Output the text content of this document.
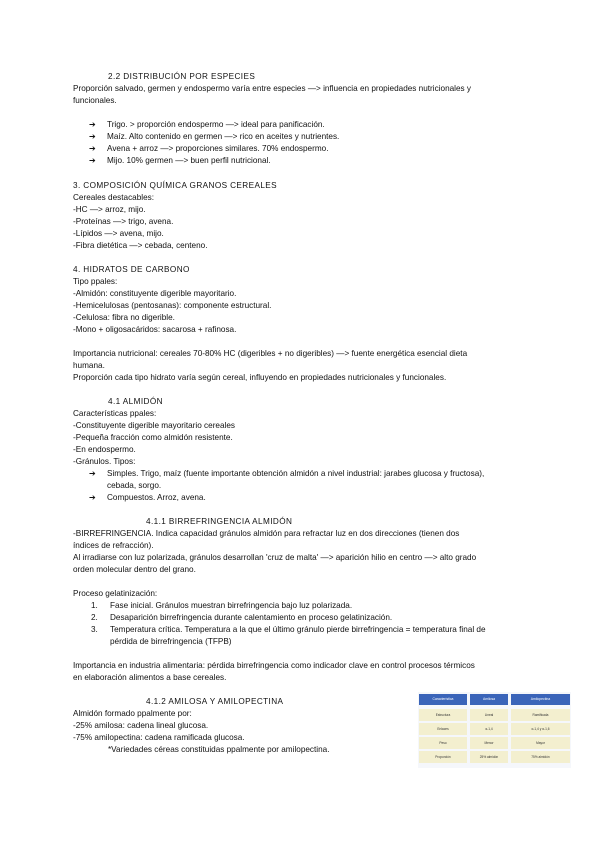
2.2 DISTRIBUCIÓN POR ESPECIES
Proporción salvado, germen y endospermo varía entre especies —> influencia en propiedades nutricionales y
funcionales.
➔ Trigo. > proporción endospermo —> ideal para panificación.
➔ Maíz. Alto contenido en germen —> rico en aceites y nutrientes.
➔ Avena + arroz —> proporciones similares. 70% endospermo.
➔ Mijo. 10% germen —> buen perfil nutricional.
3. COMPOSICIÓN QUÍMICA GRANOS CEREALES
Cereales destacables:
-HC —> arroz, mijo.
-Proteínas —> trigo, avena.
-Lípidos —> avena, mijo.
-Fibra dietética —> cebada, centeno.
4. HIDRATOS DE CARBONO
Tipo ppales:
-Almidón: constituyente digerible mayoritario.
-Hemicelulosas (pentosanas): componente estructural.
-Celulosa: fibra no digerible.
-Mono + oligosacáridos: sacarosa + rafinosa.
Importancia nutricional: cereales 70-80% HC (digeribles + no digeribles) —> fuente energética esencial dieta
humana.
Proporción cada tipo hidrato varía según cereal, influyendo en propiedades nutricionales y funcionales.
4.1 ALMIDÓN
Características ppales:
-Constituyente digerible mayoritario cereales
-Pequeña fracción como almidón resistente.
-En endospermo.
-Gránulos. Tipos:
➔ Simples. Trigo, maíz (fuente importante obtención almidón a nivel industrial: jarabes glucosa y fructosa),
cebada, sorgo.
➔ Compuestos. Arroz, avena.
4.1.1 BIRREFRINGENCIA ALMIDÓN
-BIRREFRINGENCIA. Indica capacidad gránulos almidón para refractar luz en dos direcciones (tienen dos
índices de refracción).
Al irradiarse con luz polarizada, gránulos desarrollan 'cruz de malta' —> aparición hilio en centro —> alto grado
orden molecular dentro del grano.
Proceso gelatinización:
1. Fase inicial. Gránulos muestran birrefringencia bajo luz polarizada.
2. Desaparición birrefringencia durante calentamiento en proceso gelatinización.
3. Temperatura crítica. Temperatura a la que el último gránulo pierde birrefringencia = temperatura final de
pérdida de birrefringencia (TFPB)
Importancia en industria alimentaria: pérdida birrefringencia como indicador clave en control procesos térmicos
en elaboración alimentos a base cereales.
4.1.2 AMILOSA Y AMILOPECTINA
Almidón formado ppalmente por:
-25% amilosa: cadena lineal glucosa.
-75% amilopectina: cadena ramificada glucosa.
*Variedades céreas constituidas ppalmente por amilopectina.
Característica	Amilosa	Amilopectina
Estructura	Lineal	Ramificada
Enlaces	α-1,4	α-1,4 y α-1,6
Peso	Menor	Mayor
Proporción	25% almidón	75% almidón
